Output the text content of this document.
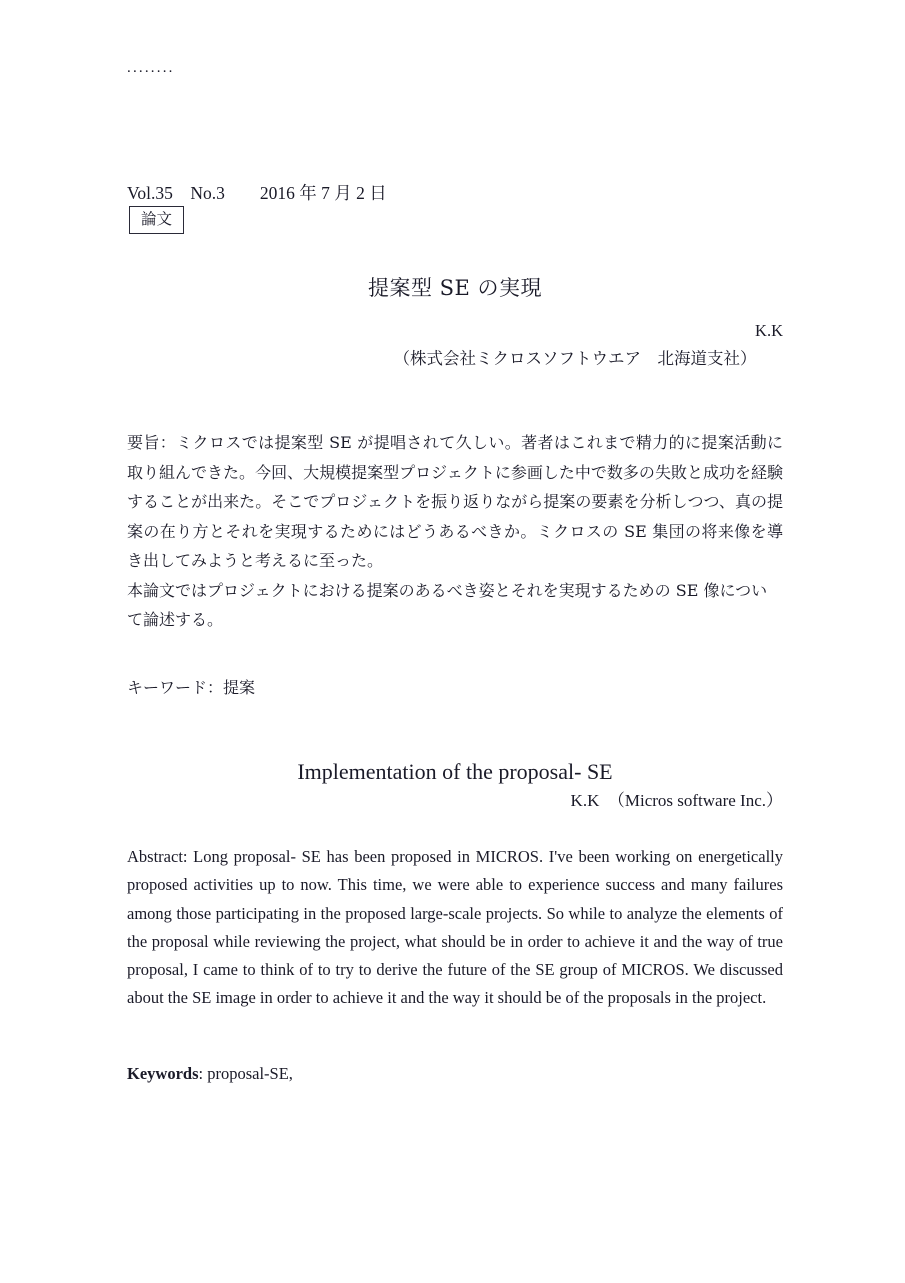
........
Vol.35　No.3　　2016 年 7 月 2 日
論文
提案型 SE の実現
K.K
（株式会社ミクロスソフトウエア　北海道支社）

要旨：ミクロスでは提案型 SE が提唱されて久しい。著者はこれまで精力的に提案活動に取り組んできた。今回、大規模提案型プロジェクトに参画した中で数多の失敗と成功を経験することが出来た。そこでプロジェクトを振り返りながら提案の要素を分析しつつ、真の提案の在り方とそれを実現するためにはどうあるべきか。ミクロスの SE 集団の将来像を導き出してみようと考えるに至った。

本論文ではプロジェクトにおける提案のあるべき姿とそれを実現するための SE 像について論述する。

キーワード：提案
Implementation of the proposal- SE
K.K　（Micros software Inc.）

Abstract: Long proposal- SE has been proposed in MICROS. I've been working on energetically proposed activities up to now. This time, we were able to experience success and many failures among those participating in the proposed large-scale projects. So while to analyze the elements of the proposal while reviewing the project, what should be in order to achieve it and the way of true proposal, I came to think of to try to derive the future of the SE group of MICROS. We discussed about the SE image in order to achieve it and the way it should be of the proposals in the project.

Keywords: proposal-SE,
